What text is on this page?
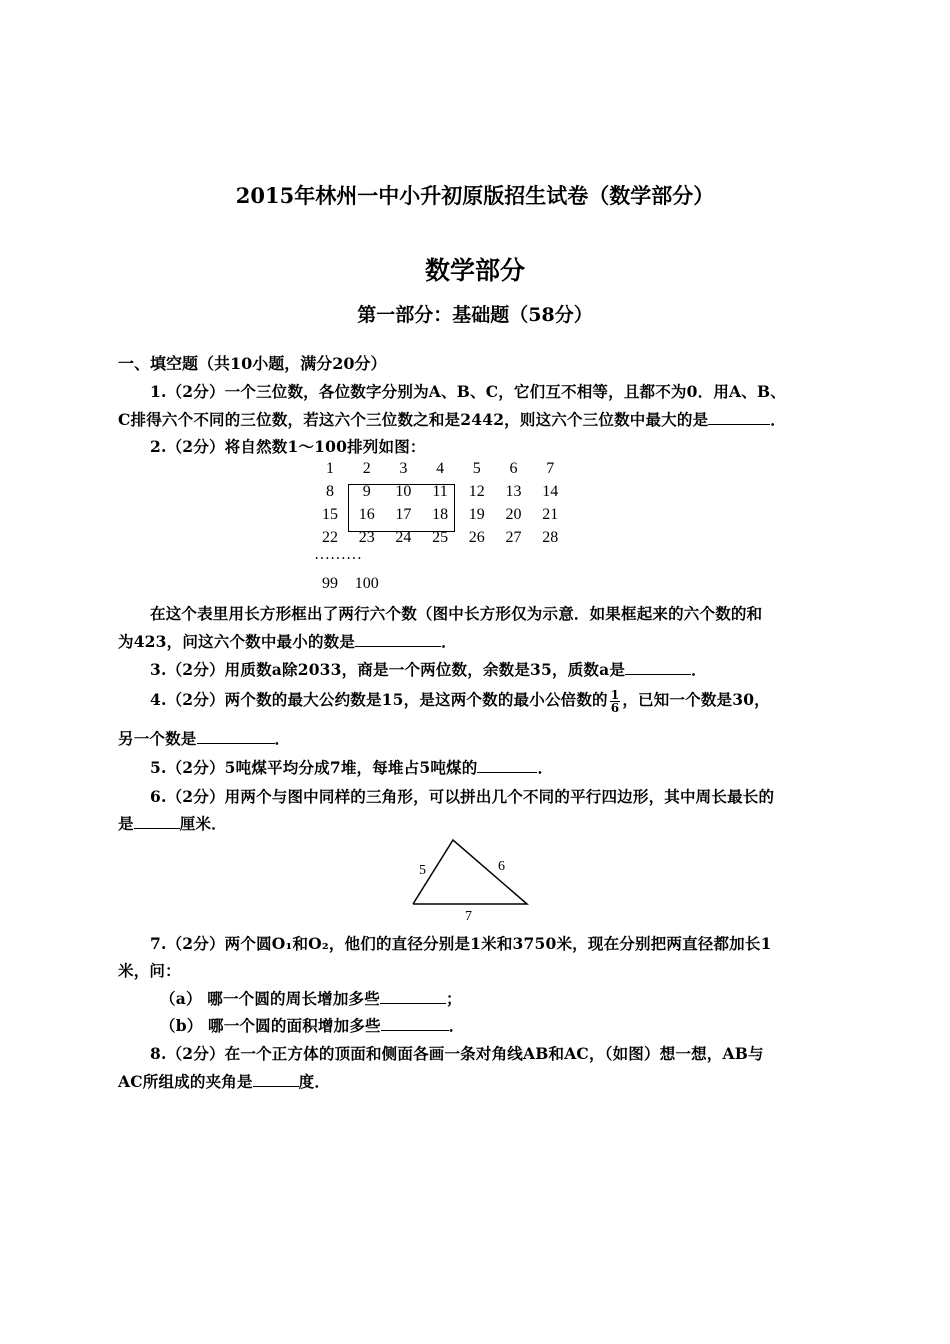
2015年林州一中小升初原版招生试卷（数学部分）
数学部分
第一部分：基础题（58分）
一、填空题（共10小题，满分20分）
1.（2分）一个三位数，各位数字分别为A、B、C，它们互不相等，且都不为0．用A、B、
C排得六个不同的三位数，若这六个三位数之和是2442，则这六个三位数中最大的是	．
2.（2分）将自然数1～100排列如图：
1	2	3	4	5	6	7
8	9	10	11	12	13	14
15	16	17	18	19	20	21
22	23	24	25	26	27	28
………
99	100
在这个表里用长方形框出了两行六个数（图中长方形仅为示意．如果框起来的六个数的和
为423，问这六个数中最小的数是	．
3.（2分）用质数a除2033，商是一个两位数，余数是35，质数a是	．
4.（2分）两个数的最大公约数是15，是这两个数的最小公倍数的 $\frac{1}{6}$ ，已知一个数是30，
另一个数是	．
5.（2分）5吨煤平均分成7堆，每堆占5吨煤的	．
6.（2分）用两个与图中同样的三角形，可以拼出几个不同的平行四边形，其中周长最长的
是	厘米．
5	6
7
7.（2分）两个圆O₁和O₂，他们的直径分别是1米和3750米，现在分别把两直径都加长1
米，问：
（a） 哪一个圆的周长增加多些	；
（b） 哪一个圆的面积增加多些	．
8.（2分）在一个正方体的顶面和侧面各画一条对角线AB和AC，（如图）想一想，AB与
AC所组成的夹角是	度．
